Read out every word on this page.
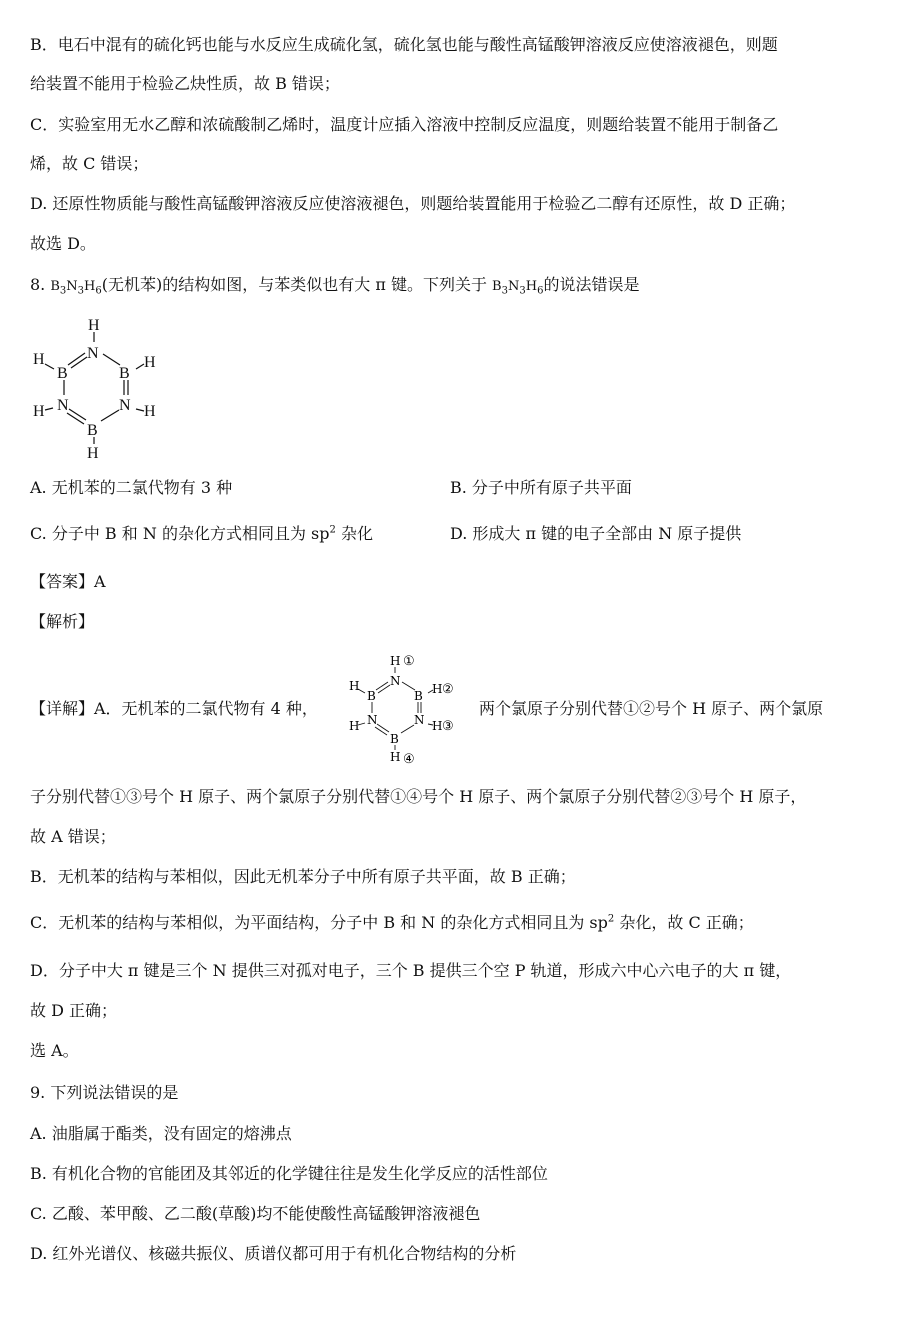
B．电石中混有的硫化钙也能与水反应生成硫化氢，硫化氢也能与酸性高锰酸钾溶液反应使溶液褪色，则题
给装置不能用于检验乙炔性质，故 B 错误；
C．实验室用无水乙醇和浓硫酸制乙烯时，温度计应插入溶液中控制反应温度，则题给装置不能用于制备乙
烯，故 C 错误；
D. 还原性物质能与酸性高锰酸钾溶液反应使溶液褪色，则题给装置能用于检验乙二醇有还原性，故 D 正确；
故选 D。
8. $B_3N_3H_6$(无机苯)的结构如图，与苯类似也有大 π 键。下列关于 $B_3N_3H_6$的说法错误是
H
N
H
B	B
H
N
H	N H
B
H
A. 无机苯的二氯代物有 3 种	B. 分子中所有原子共平面
C. 分子中 B 和 N 的杂化方式相同且为 $sp^2$ 杂化	D. 形成大 π 键的电子全部由 N 原子提供
【答案】A
【解析】
【详解】A．无机苯的二氯代物有 4 种，
H ①
N
H
B	B H ②
N
H	N H ③
B
H ④
两个氯原子分别代替①②号个 H 原子、两个氯原
子分别代替①③号个 H 原子、两个氯原子分别代替①④号个 H 原子、两个氯原子分别代替②③号个 H 原子，
故 A 错误；
B．无机苯的结构与苯相似，因此无机苯分子中所有原子共平面，故 B 正确；
C．无机苯的结构与苯相似，为平面结构，分子中 B 和 N 的杂化方式相同且为 $sp^2$ 杂化，故 C 正确；
D．分子中大 π 键是三个 N 提供三对孤对电子，三个 B 提供三个空 P 轨道，形成六中心六电子的大 π 键，
故 D 正确；
选 A。
9. 下列说法错误的是
A. 油脂属于酯类，没有固定的熔沸点
B. 有机化合物的官能团及其邻近的化学键往往是发生化学反应的活性部位
C. 乙酸、苯甲酸、乙二酸(草酸)均不能使酸性高锰酸钾溶液褪色
D. 红外光谱仪、核磁共振仪、质谱仪都可用于有机化合物结构的分析
